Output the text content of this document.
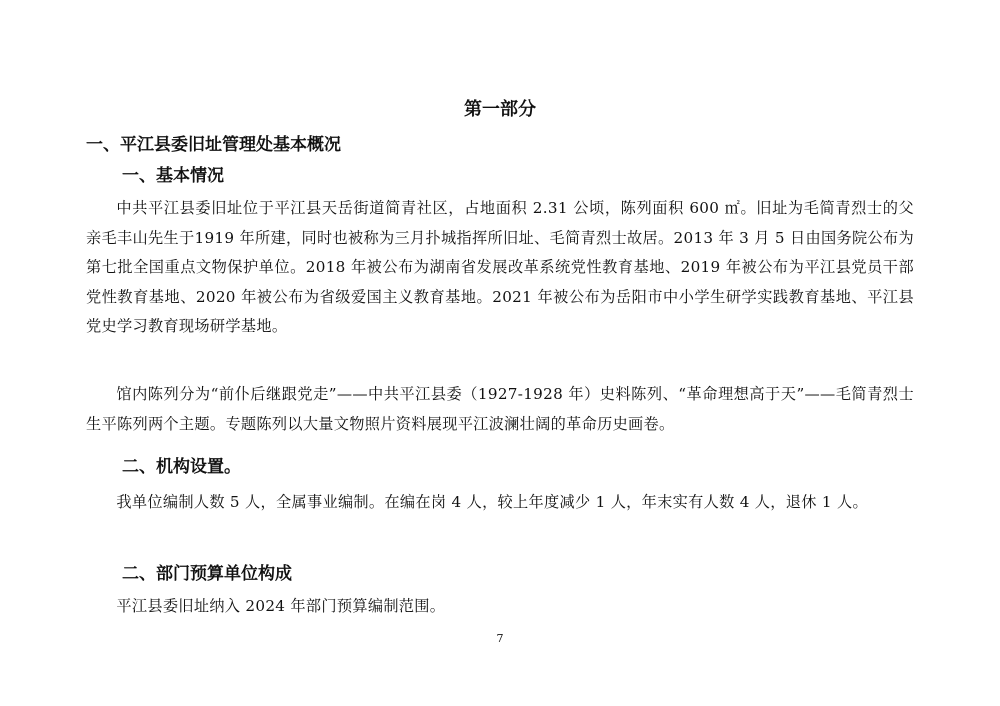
第一部分
一、平江县委旧址管理处基本概况
一、基本情况
中共平江县委旧址位于平江县天岳街道简青社区，占地面积 2.31 公顷，陈列面积 600 ㎡。旧址为毛简青烈士的父亲毛丰山先生于1919 年所建，同时也被称为三月扑城指挥所旧址、毛简青烈士故居。2013 年 3 月 5 日由国务院公布为第七批全国重点文物保护单位。2018 年被公布为湖南省发展改革系统党性教育基地、2019 年被公布为平江县党员干部党性教育基地、2020 年被公布为省级爱国主义教育基地。2021 年被公布为岳阳市中小学生研学实践教育基地、平江县党史学习教育现场研学基地。
馆内陈列分为“前仆后继跟党走”——中共平江县委（1927-1928 年）史料陈列、“革命理想高于天”——毛简青烈士生平陈列两个主题。专题陈列以大量文物照片资料展现平江波澜壮阔的革命历史画卷。
二、机构设置。
我单位编制人数 5 人，全属事业编制。在编在岗 4 人，较上年度减少 1 人，年末实有人数 4 人，退休 1 人。
二、部门预算单位构成
平江县委旧址纳入 2024 年部门预算编制范围。
7
